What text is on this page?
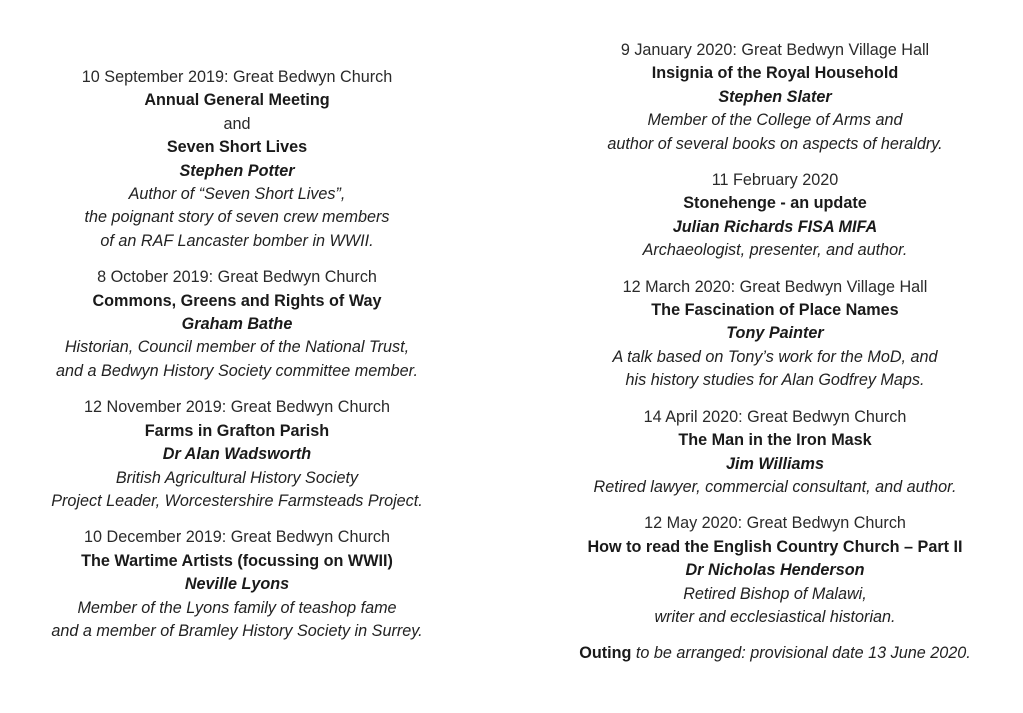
10 September 2019: Great Bedwyn Church
Annual General Meeting
and
Seven Short Lives
Stephen Potter
Author of “Seven Short Lives”,
the poignant story of seven crew members
of an RAF Lancaster bomber in WWII.
8 October 2019: Great Bedwyn Church
Commons, Greens and Rights of Way
Graham Bathe
Historian, Council member of the National Trust,
and a Bedwyn History Society committee member.
12 November 2019: Great Bedwyn Church
Farms in Grafton Parish
Dr Alan Wadsworth
British Agricultural History Society
Project Leader, Worcestershire Farmsteads Project.
10 December 2019: Great Bedwyn Church
The Wartime Artists (focussing on WWII)
Neville Lyons
Member of the Lyons family of teashop fame
and a member of Bramley History Society in Surrey.
9 January 2020: Great Bedwyn Village Hall
Insignia of the Royal Household
Stephen Slater
Member of the College of Arms and
author of several books on aspects of heraldry.
11 February 2020
Stonehenge - an update
Julian Richards FISA MIFA
Archaeologist, presenter, and author.
12 March 2020: Great Bedwyn Village Hall
The Fascination of Place Names
Tony Painter
A talk based on Tony’s work for the MoD, and
his history studies for Alan Godfrey Maps.
14 April 2020: Great Bedwyn Church
The Man in the Iron Mask
Jim Williams
Retired lawyer, commercial consultant, and author.
12 May 2020: Great Bedwyn Church
How to read the English Country Church – Part II
Dr Nicholas Henderson
Retired Bishop of Malawi,
writer and ecclesiastical historian.
Outing to be arranged: provisional date 13 June 2020.
